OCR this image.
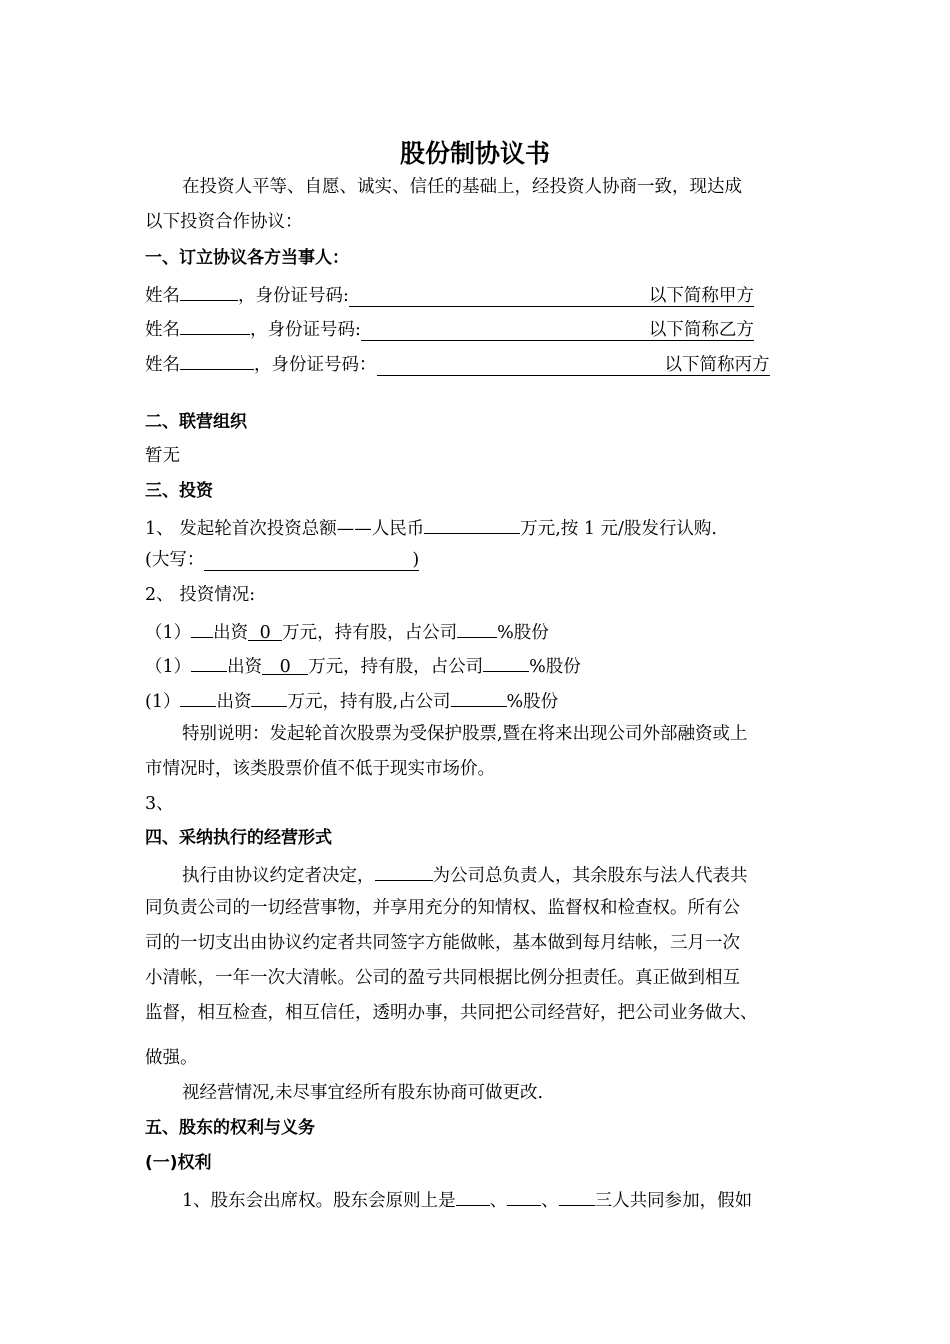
股份制协议书
在投资人平等、自愿、诚实、信任的基础上，经投资人协商一致，现达成
以下投资合作协议：
一、订立协议各方当事人：
姓名	，身份证号码:	以下简称甲方
姓名	，身份证号码:	以下简称乙方
姓名	，身份证号码：	以下简称丙方
二、联营组织
暂无
三、投资
1、 发起轮首次投资总额——人民币	万元,按 1 元/股发行认购.
(大写：	)
2、 投资情况:
（1） 出资 0 万元，持有股，占公司 %股份
（1） 出资 0 万元，持有股，占公司	%股份
(1） 出资 万元，持有股,占公司	%股份
特别说明：发起轮首次股票为受保护股票,暨在将来出现公司外部融资或上
市情况时，该类股票价值不低于现实市场价。
3、
四、采纳执行的经营形式
执行由协议约定者决定，	为公司总负责人，其余股东与法人代表共
同负责公司的一切经营事物，并享用充分的知情权、监督权和检查权。所有公
司的一切支出由协议约定者共同签字方能做帐，基本做到每月结帐，三月一次
小清帐，一年一次大清帐。公司的盈亏共同根据比例分担责任。真正做到相互
监督，相互检查，相互信任，透明办事，共同把公司经营好，把公司业务做大、
做强。
视经营情况,未尽事宜经所有股东协商可做更改.
五、股东的权利与义务
(一)权利
1、股东会出席权。股东会原则上是 、 、 三人共同参加，假如
